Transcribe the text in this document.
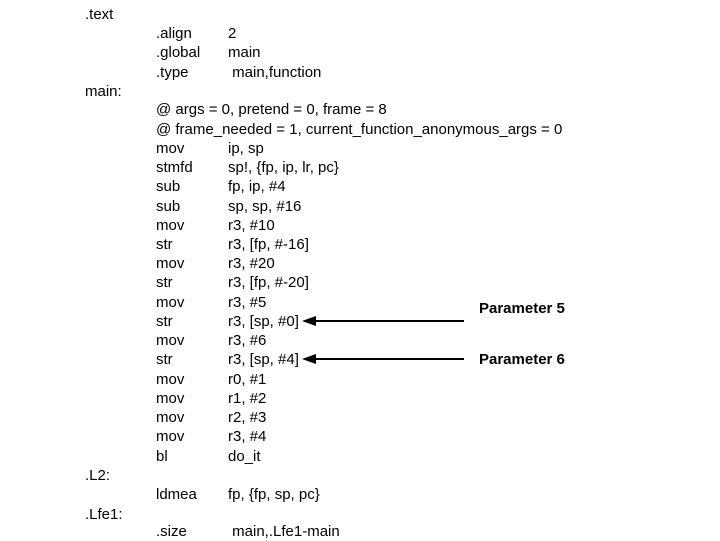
.text
main:
.L2:
.Lfe1:
.align 2
.global main
.type	main,function
@ args = 0, pretend = 0, frame = 8
@ frame_needed = 1, current_function_anonymous_args = 0
mov	ip, sp
stmfd sp!, {fp, ip, lr, pc}
sub	fp, ip, #4
sub	sp, sp, #16
mov	r3, #10
str	r3, [fp, #-16]
mov	r3, #20
str	r3, [fp, #-20]
mov	r3, #5
str	r3, [sp, #0]
mov	r3, #6
str	r3, [sp, #4]
mov	r0, #1
mov	r1, #2
mov	r2, #3
mov	r3, #4
bl	do_it
ldmea fp, {fp, sp, pc}
.size	main,.Lfe1-main
Parameter 5
Parameter 6
